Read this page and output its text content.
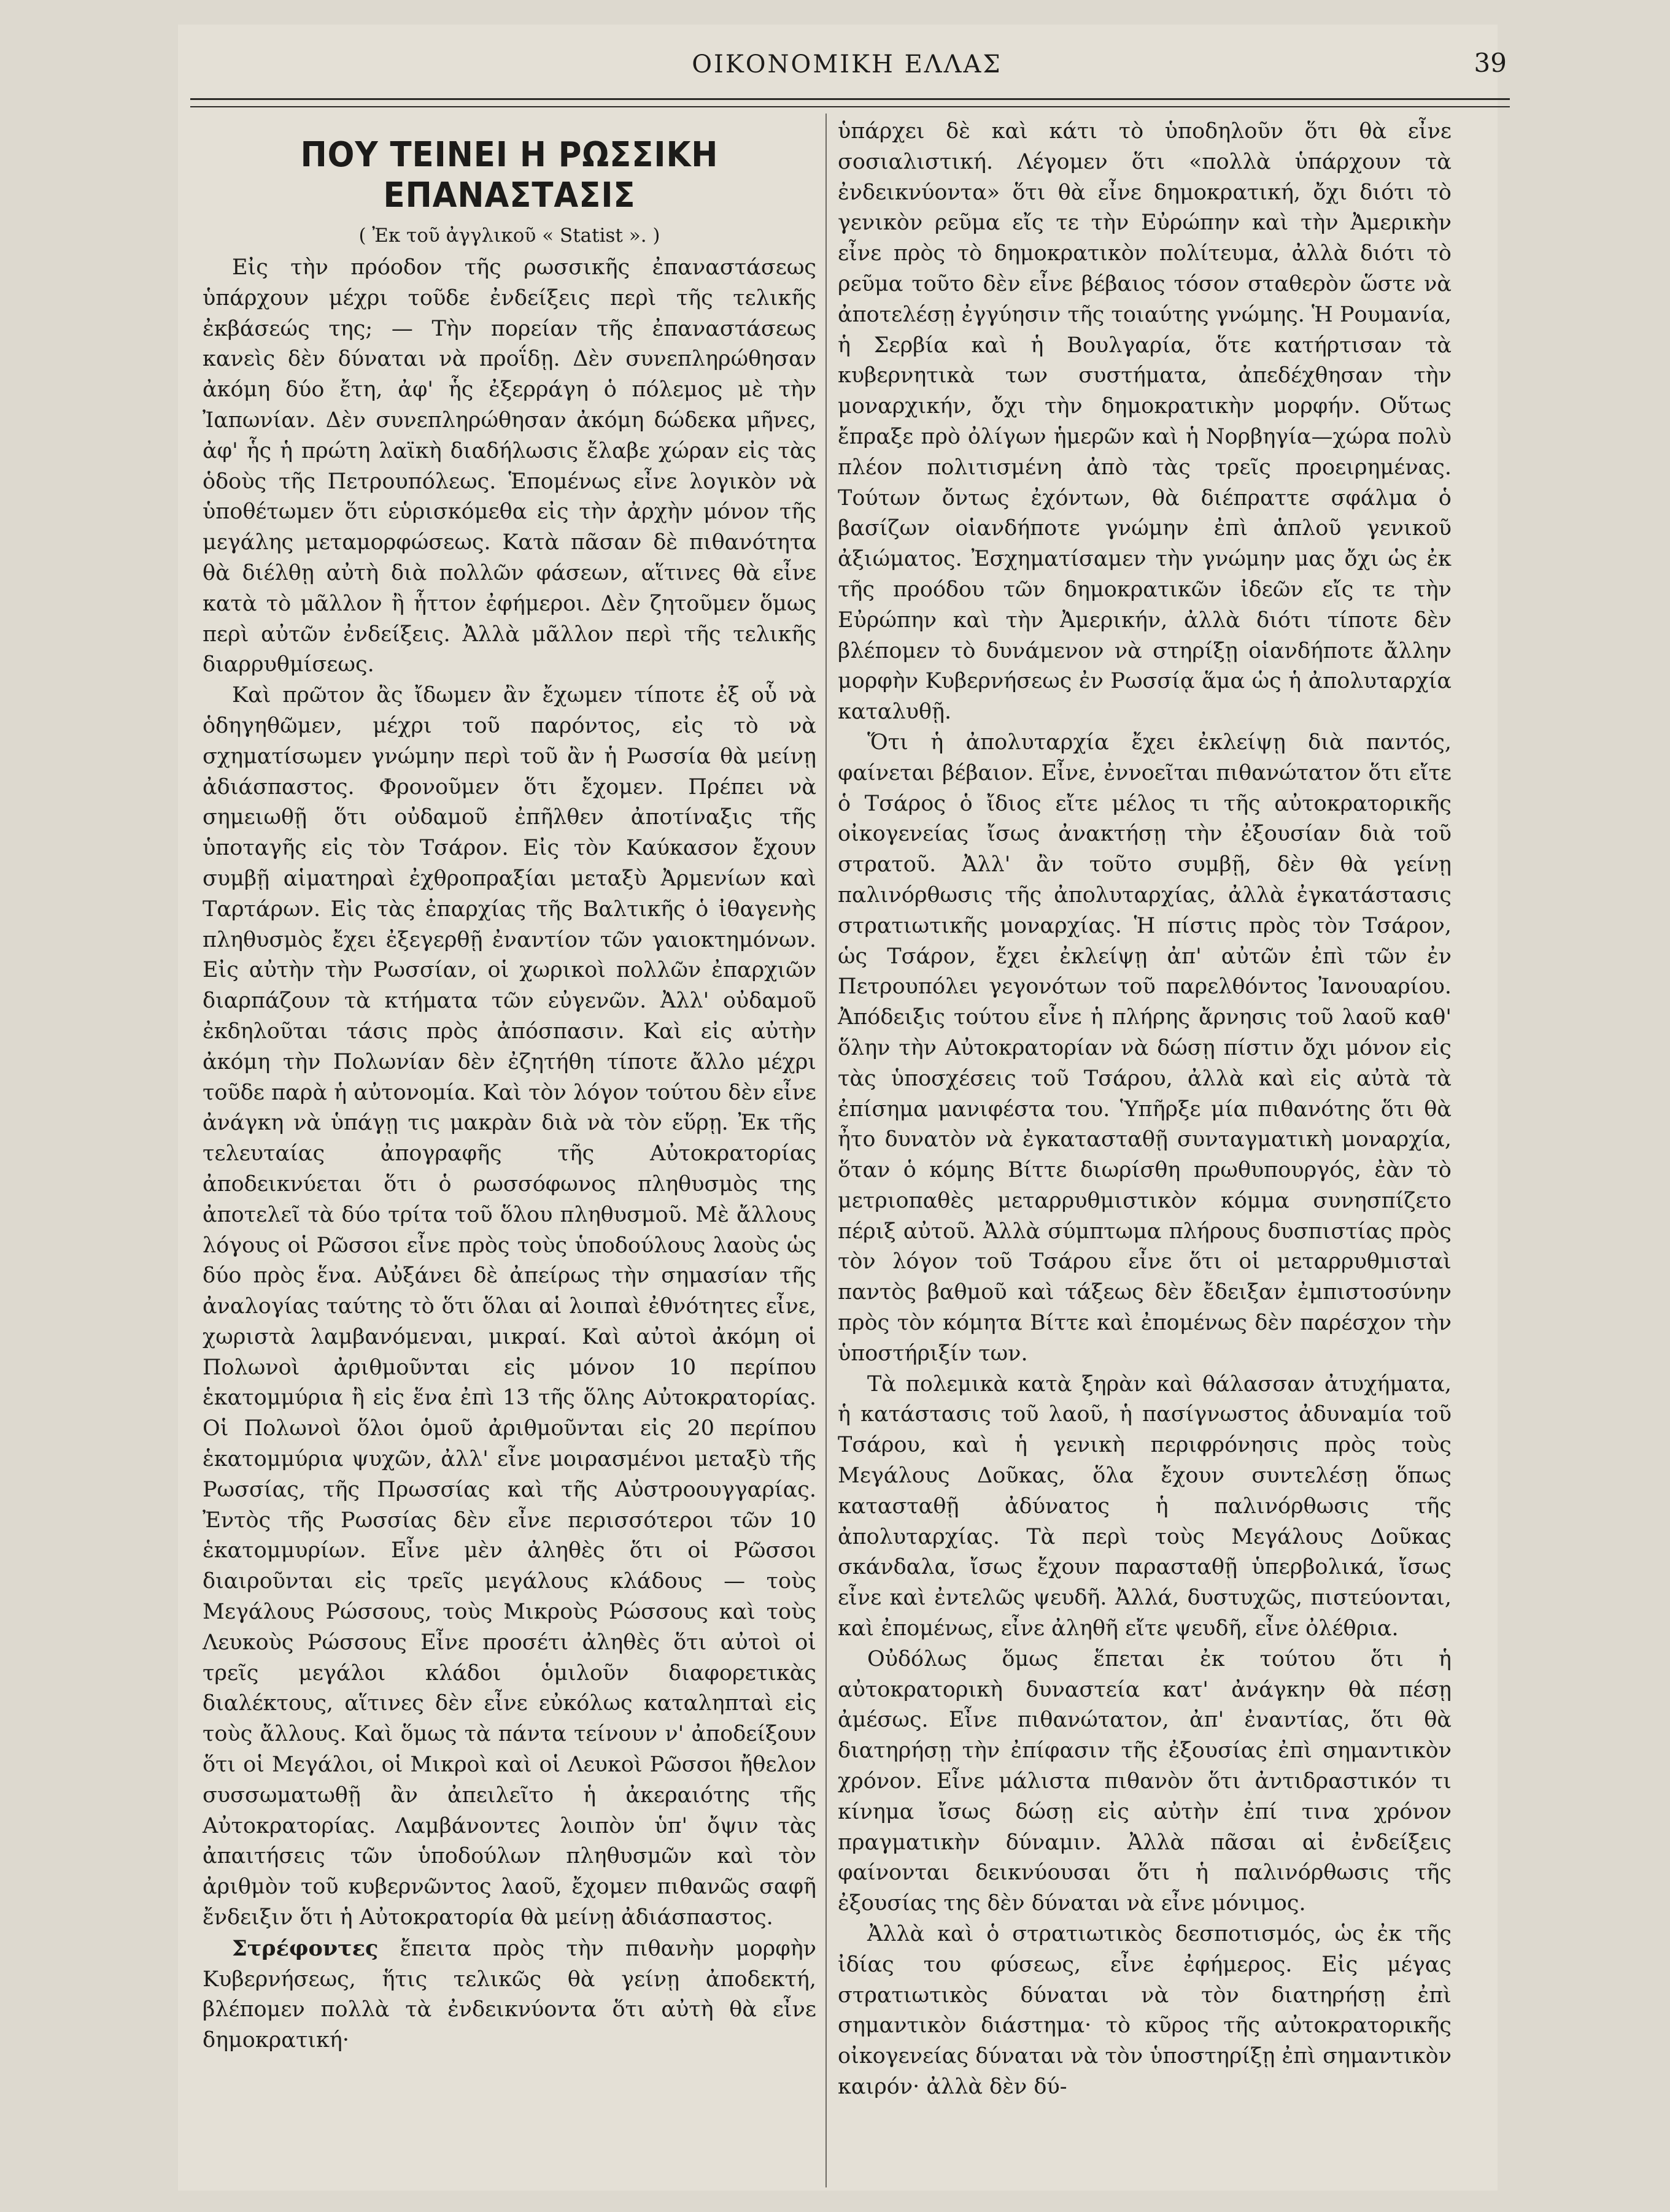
ΟΙΚΟΝΟΜΙΚΗ ΕΛΛΑΣ	39
ΠΟΥ ΤΕΙΝΕΙ Η ΡΩΣΣΙΚΗ ΕΠΑΝΑΣΤΑΣΙΣ
( Ἐκ τοῦ ἀγγλικοῦ « Statist ». )

Εἰς τὴν πρόοδον τῆς ρωσσικῆς ἐπαναστάσεως ὑπάρχουν μέχρι τοῦδε ἐνδείξεις περὶ τῆς τελικῆς ἐκβάσεώς της; — Τὴν πορείαν τῆς ἐπαναστάσεως κανεὶς δὲν δύναται νὰ προΐδῃ. Δὲν συνεπληρώθησαν ἀκόμη δύο ἔτη, ἀφ' ἧς ἐξερράγη ὁ πόλεμος μὲ τὴν Ἰαπωνίαν. Δὲν συνεπληρώθησαν ἀκόμη δώδεκα μῆνες, ἀφ' ἧς ἡ πρώτη λαϊκὴ διαδήλωσις ἔλαβε χώραν εἰς τὰς ὁδοὺς τῆς Πετρουπόλεως. Ἑπομένως εἶνε λογικὸν νὰ ὑποθέτωμεν ὅτι εὑρισκόμεθα εἰς τὴν ἀρχὴν μόνον τῆς μεγάλης μεταμορφώσεως. Κατὰ πᾶσαν δὲ πιθανότητα θὰ διέλθῃ αὐτὴ διὰ πολλῶν φάσεων, αἵτινες θὰ εἶνε κατὰ τὸ μᾶλλον ἢ ἧττον ἐφήμεροι. Δὲν ζητοῦμεν ὅμως περὶ αὐτῶν ἐνδείξεις. Ἀλλὰ μᾶλλον περὶ τῆς τελικῆς διαρρυθμίσεως.

Καὶ πρῶτον ἂς ἴδωμεν ἂν ἔχωμεν τίποτε ἐξ οὗ νὰ ὁδηγηθῶμεν, μέχρι τοῦ παρόντος, εἰς τὸ νὰ σχηματίσωμεν γνώμην περὶ τοῦ ἂν ἡ Ρωσσία θὰ μείνῃ ἀδιάσπαστος. Φρονοῦμεν ὅτι ἔχομεν. Πρέπει νὰ σημειωθῇ ὅτι οὐδαμοῦ ἐπῆλθεν ἀποτίναξις τῆς ὑποταγῆς εἰς τὸν Τσάρον. Εἰς τὸν Καύκασον ἔχουν συμβῇ αἱματηραὶ ἐχθροπραξίαι μεταξὺ Ἀρμενίων καὶ Ταρτάρων. Εἰς τὰς ἐπαρχίας τῆς Βαλτικῆς ὁ ἰθαγενὴς πληθυσμὸς ἔχει ἐξεγερθῇ ἐναντίον τῶν γαιοκτημόνων. Εἰς αὐτὴν τὴν Ρωσσίαν, οἱ χωρικοὶ πολλῶν ἐπαρχιῶν διαρπάζουν τὰ κτήματα τῶν εὐγενῶν. Ἀλλ' οὐδαμοῦ ἐκδηλοῦται τάσις πρὸς ἀπόσπασιν. Καὶ εἰς αὐτὴν ἀκόμη τὴν Πολωνίαν δὲν ἐζητήθη τίποτε ἄλλο μέχρι τοῦδε παρὰ ἡ αὐτονομία. Καὶ τὸν λόγον τούτου δὲν εἶνε ἀνάγκη νὰ ὑπάγῃ τις μακρὰν διὰ νὰ τὸν εὕρῃ. Ἐκ τῆς τελευταίας ἀπογραφῆς τῆς Αὐτοκρατορίας ἀποδεικνύεται ὅτι ὁ ρωσσόφωνος πληθυσμὸς της ἀποτελεῖ τὰ δύο τρίτα τοῦ ὅλου πληθυσμοῦ. Μὲ ἄλλους λόγους οἱ Ρῶσσοι εἶνε πρὸς τοὺς ὑποδούλους λαοὺς ὡς δύο πρὸς ἕνα. Αὐξάνει δὲ ἀπείρως τὴν σημασίαν τῆς ἀναλογίας ταύτης τὸ ὅτι ὅλαι αἱ λοιπαὶ ἐθνότητες εἶνε, χωριστὰ λαμβανόμεναι, μικραί. Καὶ αὐτοὶ ἀκόμη οἱ Πολωνοὶ ἀριθμοῦνται εἰς μόνον 10 περίπου ἑκατομμύρια ἢ εἰς ἕνα ἐπὶ 13 τῆς ὅλης Αὐτοκρατορίας. Οἱ Πολωνοὶ ὅλοι ὁμοῦ ἀριθμοῦνται εἰς 20 περίπου ἑκατομμύρια ψυχῶν, ἀλλ' εἶνε μοιρασμένοι μεταξὺ τῆς Ρωσσίας, τῆς Πρωσσίας καὶ τῆς Αὐστροουγγαρίας. Ἐντὸς τῆς Ρωσσίας δὲν εἶνε περισσότεροι τῶν 10 ἑκατομμυρίων. Εἶνε μὲν ἀληθὲς ὅτι οἱ Ρῶσσοι διαιροῦνται εἰς τρεῖς μεγάλους κλάδους — τοὺς Μεγάλους Ρώσσους, τοὺς Μικροὺς Ρώσσους καὶ τοὺς Λευκοὺς Ρώσσους Εἶνε προσέτι ἀληθὲς ὅτι αὐτοὶ οἱ τρεῖς μεγάλοι κλάδοι ὁμιλοῦν διαφορετικὰς διαλέκτους, αἵτινες δὲν εἶνε εὐκόλως καταληπταὶ εἰς τοὺς ἄλλους. Καὶ ὅμως τὰ πάντα τείνουν ν' ἀποδείξουν ὅτι οἱ Μεγάλοι, οἱ Μικροὶ καὶ οἱ Λευκοὶ Ρῶσσοι ἤθελον συσσωματωθῇ ἂν ἀπειλεῖτο ἡ ἀκεραιότης τῆς Αὐτοκρατορίας. Λαμβάνοντες λοιπὸν ὑπ' ὄψιν τὰς ἀπαιτήσεις τῶν ὑποδούλων πληθυσμῶν καὶ τὸν ἀριθμὸν τοῦ κυβερνῶντος λαοῦ, ἔχομεν πιθανῶς σαφῆ ἔνδειξιν ὅτι ἡ Αὐτοκρατορία θὰ μείνῃ ἀδιάσπαστος.

Στρέφοντες ἔπειτα πρὸς τὴν πιθανὴν μορφὴν Κυβερνήσεως, ἥτις τελικῶς θὰ γείνῃ ἀποδεκτή, βλέπομεν πολλὰ τὰ ἐνδεικνύοντα ὅτι αὐτὴ θὰ εἶνε δημοκρατική·

ὑπάρχει δὲ καὶ κάτι τὸ ὑποδηλοῦν ὅτι θὰ εἶνε σοσιαλιστική. Λέγομεν ὅτι «πολλὰ ὑπάρχουν τὰ ἐνδεικνύοντα» ὅτι θὰ εἶνε δημοκρατική, ὄχι διότι τὸ γενικὸν ρεῦμα εἴς τε τὴν Εὐρώπην καὶ τὴν Ἀμερικὴν εἶνε πρὸς τὸ δημοκρατικὸν πολίτευμα, ἀλλὰ διότι τὸ ρεῦμα τοῦτο δὲν εἶνε βέβαιος τόσον σταθερὸν ὥστε νὰ ἀποτελέσῃ ἐγγύησιν τῆς τοιαύτης γνώμης. Ἡ Ρουμανία, ἡ Σερβία καὶ ἡ Βουλγαρία, ὅτε κατήρτισαν τὰ κυβερνητικὰ των συστήματα, ἀπεδέχθησαν τὴν μοναρχικήν, ὄχι τὴν δημοκρατικὴν μορφήν. Οὕτως ἔπραξε πρὸ ὀλίγων ἡμερῶν καὶ ἡ Νορβηγία—χώρα πολὺ πλέον πολιτισμένη ἀπὸ τὰς τρεῖς προειρημένας. Τούτων ὄντως ἐχόντων, θὰ διέπραττε σφάλμα ὁ βασίζων οἱανδήποτε γνώμην ἐπὶ ἁπλοῦ γενικοῦ ἀξιώματος. Ἐσχηματίσαμεν τὴν γνώμην μας ὄχι ὡς ἐκ τῆς προόδου τῶν δημοκρατικῶν ἰδεῶν εἴς τε τὴν Εὐρώπην καὶ τὴν Ἀμερικήν, ἀλλὰ διότι τίποτε δὲν βλέπομεν τὸ δυνάμενον νὰ στηρίξῃ οἱανδήποτε ἄλλην μορφὴν Κυβερνήσεως ἐν Ρωσσίᾳ ἅμα ὡς ἡ ἀπολυταρχία καταλυθῇ.

Ὅτι ἡ ἀπολυταρχία ἔχει ἐκλείψῃ διὰ παντός, φαίνεται βέβαιον. Εἶνε, ἐννοεῖται πιθανώτατον ὅτι εἴτε ὁ Τσάρος ὁ ἴδιος εἴτε μέλος τι τῆς αὐτοκρατορικῆς οἰκογενείας ἴσως ἀνακτήσῃ τὴν ἐξουσίαν διὰ τοῦ στρατοῦ. Ἀλλ' ἂν τοῦτο συμβῇ, δὲν θὰ γείνῃ παλινόρθωσις τῆς ἀπολυταρχίας, ἀλλὰ ἐγκατάστασις στρατιωτικῆς μοναρχίας. Ἡ πίστις πρὸς τὸν Τσάρον, ὡς Τσάρον, ἔχει ἐκλείψῃ ἀπ' αὐτῶν ἐπὶ τῶν ἐν Πετρουπόλει γεγονότων τοῦ παρελθόντος Ἰανουαρίου. Ἀπόδειξις τούτου εἶνε ἡ πλήρης ἄρνησις τοῦ λαοῦ καθ' ὅλην τὴν Αὐτοκρατορίαν νὰ δώσῃ πίστιν ὄχι μόνον εἰς τὰς ὑποσχέσεις τοῦ Τσάρου, ἀλλὰ καὶ εἰς αὐτὰ τὰ ἐπίσημα μανιφέστα του. Ὑπῆρξε μία πιθανότης ὅτι θὰ ἦτο δυνατὸν νὰ ἐγκατασταθῇ συνταγματικὴ μοναρχία, ὅταν ὁ κόμης Βίττε διωρίσθη πρωθυπουργός, ἐὰν τὸ μετριοπαθὲς μεταρρυθμιστικὸν κόμμα συνησπίζετο πέριξ αὐτοῦ. Ἀλλὰ σύμπτωμα πλήρους δυσπιστίας πρὸς τὸν λόγον τοῦ Τσάρου εἶνε ὅτι οἱ μεταρρυθμισταὶ παντὸς βαθμοῦ καὶ τάξεως δὲν ἔδειξαν ἐμπιστοσύνην πρὸς τὸν κόμητα Βίττε καὶ ἐπομένως δὲν παρέσχον τὴν ὑποστήριξίν των.

Τὰ πολεμικὰ κατὰ ξηρὰν καὶ θάλασσαν ἀτυχήματα, ἡ κατάστασις τοῦ λαοῦ, ἡ πασίγνωστος ἀδυναμία τοῦ Τσάρου, καὶ ἡ γενικὴ περιφρόνησις πρὸς τοὺς Μεγάλους Δοῦκας, ὅλα ἔχουν συντελέσῃ ὅπως κατασταθῇ ἀδύνατος ἡ παλινόρθωσις τῆς ἀπολυταρχίας. Τὰ περὶ τοὺς Μεγάλους Δοῦκας σκάνδαλα, ἴσως ἔχουν παρασταθῇ ὑπερβολικά, ἴσως εἶνε καὶ ἐντελῶς ψευδῆ. Ἀλλά, δυστυχῶς, πιστεύονται, καὶ ἐπομένως, εἶνε ἀληθῆ εἴτε ψευδῆ, εἶνε ὀλέθρια.

Οὐδόλως ὅμως ἕπεται ἐκ τούτου ὅτι ἡ αὐτοκρατορικὴ δυναστεία κατ' ἀνάγκην θὰ πέσῃ ἀμέσως. Εἶνε πιθανώτατον, ἀπ' ἐναντίας, ὅτι θὰ διατηρήσῃ τὴν ἐπίφασιν τῆς ἐξουσίας ἐπὶ σημαντικὸν χρόνον. Εἶνε μάλιστα πιθανὸν ὅτι ἀντιδραστικόν τι κίνημα ἴσως δώσῃ εἰς αὐτὴν ἐπί τινα χρόνον πραγματικὴν δύναμιν. Ἀλλὰ πᾶσαι αἱ ἐνδείξεις φαίνονται δεικνύουσαι ὅτι ἡ παλινόρθωσις τῆς ἐξουσίας της δὲν δύναται νὰ εἶνε μόνιμος.

Ἀλλὰ καὶ ὁ στρατιωτικὸς δεσποτισμός, ὡς ἐκ τῆς ἰδίας του φύσεως, εἶνε ἐφήμερος. Εἰς μέγας στρατιωτικὸς δύναται νὰ τὸν διατηρήσῃ ἐπὶ σημαντικὸν διάστημα· τὸ κῦρος τῆς αὐτοκρατορικῆς οἰκογενείας δύναται νὰ τὸν ὑποστηρίξῃ ἐπὶ σημαντικὸν καιρόν· ἀλλὰ δὲν δύ-
